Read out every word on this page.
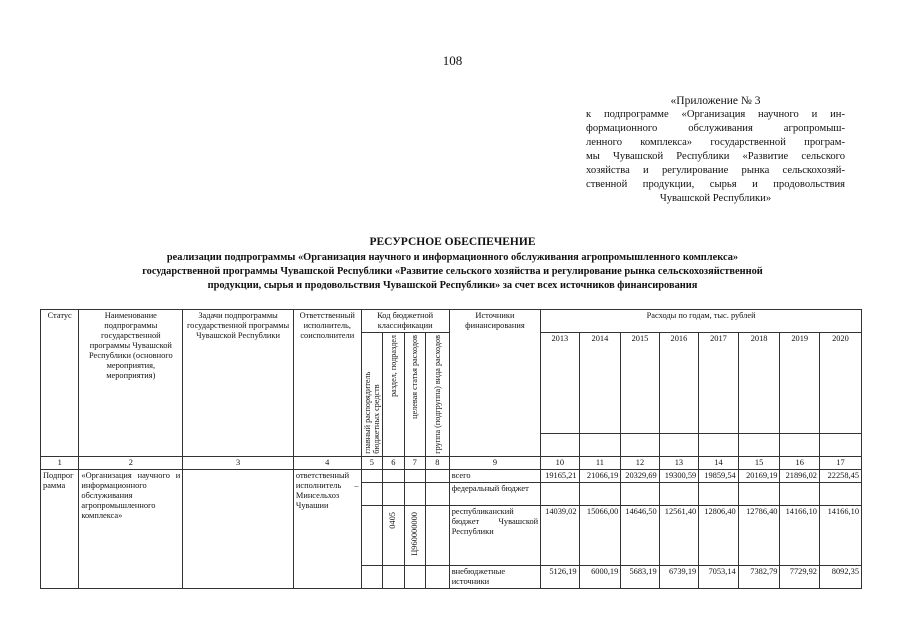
108
«Приложение № 3
к подпрограмме «Организация научного и ин-
формационного обслуживания агропромыш-
ленного комплекса» государственной програм-
мы Чувашской Республики «Развитие сельского
хозяйства и регулирование рынка сельскохозяй-
ственной продукции, сырья и продовольствия
Чувашской Республики»
РЕСУРСНОЕ ОБЕСПЕЧЕНИЕ
реализации подпрограммы «Организация научного и информационного обслуживания агропромышленного комплекса»
государственной программы Чувашской Республики «Развитие сельского хозяйства и регулирование рынка сельскохозяйственной
продукции, сырья и продовольствия Чувашской Республики» за счет всех источников финансирования
Статус	Наименование подпрограммы государственной программы Чувашской Республики (основного мероприятия, мероприятия)	Задачи подпрограммы государственной программы Чувашской Республики	Ответственный исполнитель, соисполнители	Код бюджетной классификации				Источники финансирования	Расходы по годам, тыс. рублей							

				главный распорядитель бюджетных средств	раздел, подраздел	целевая статья расходов	группа (подгруппа) вида расходов		2013	2014	2015	2016	2017	2018	2019	2020

1	2	3	4	5	6	7	8	9	10	11	12	13	14	15	16	17
Подпрограмма	«Организация научного и информационного обслуживания агропромышленного комплекса»		ответственный исполнитель – Минсельхоз Чувашии					всего	19165,21	21066,19	20329,69	19300,59	19859,54	20169,19	21896,02	22258,45
								федеральный бюджет								

					0405	Ц960000000		республиканский бюджет Чувашской Республики	14039,02	15066,00	14646,50	12561,40	12806,40	12786,40	14166,10	14166,10
								внебюджетные источники	5126,19	6000,19	5683,19	6739,19	7053,14	7382,79	7729,92	8092,35
